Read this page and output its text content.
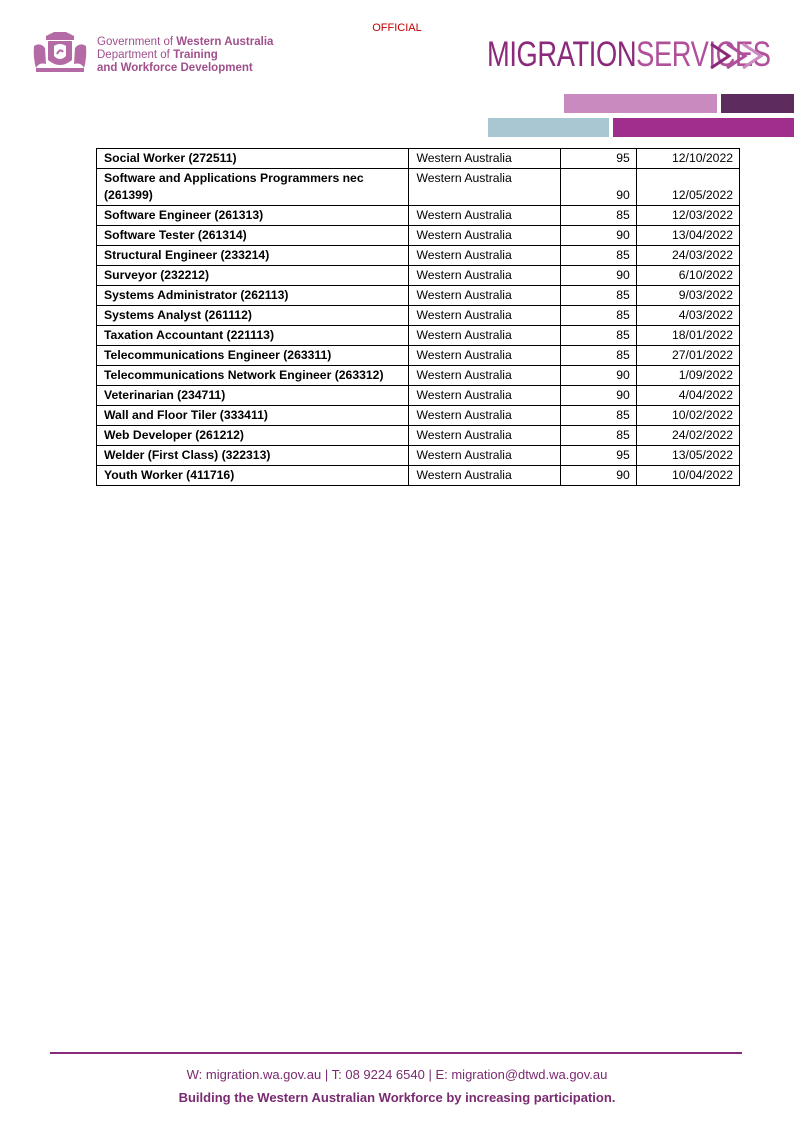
OFFICIAL
Government of Western Australia
Department of Training
and Workforce Development	MIGRATIONSERVICES
Social Worker (272511)	Western Australia	95	12/10/2022
Software and Applications Programmers nec (261399)	Western Australia	90	12/05/2022
Software Engineer (261313)	Western Australia	85	12/03/2022
Software Tester (261314)	Western Australia	90	13/04/2022
Structural Engineer (233214)	Western Australia	85	24/03/2022
Surveyor (232212)	Western Australia	90	6/10/2022
Systems Administrator (262113)	Western Australia	85	9/03/2022
Systems Analyst (261112)	Western Australia	85	4/03/2022
Taxation Accountant (221113)	Western Australia	85	18/01/2022
Telecommunications Engineer (263311)	Western Australia	85	27/01/2022
Telecommunications Network Engineer (263312)	Western Australia	90	1/09/2022
Veterinarian (234711)	Western Australia	90	4/04/2022
Wall and Floor Tiler (333411)	Western Australia	85	10/02/2022
Web Developer (261212)	Western Australia	85	24/02/2022
Welder (First Class) (322313)	Western Australia	95	13/05/2022
Youth Worker (411716)	Western Australia	90	10/04/2022
W: migration.wa.gov.au | T: 08 9224 6540 | E: migration@dtwd.wa.gov.au
Building the Western Australian Workforce by increasing participation.
